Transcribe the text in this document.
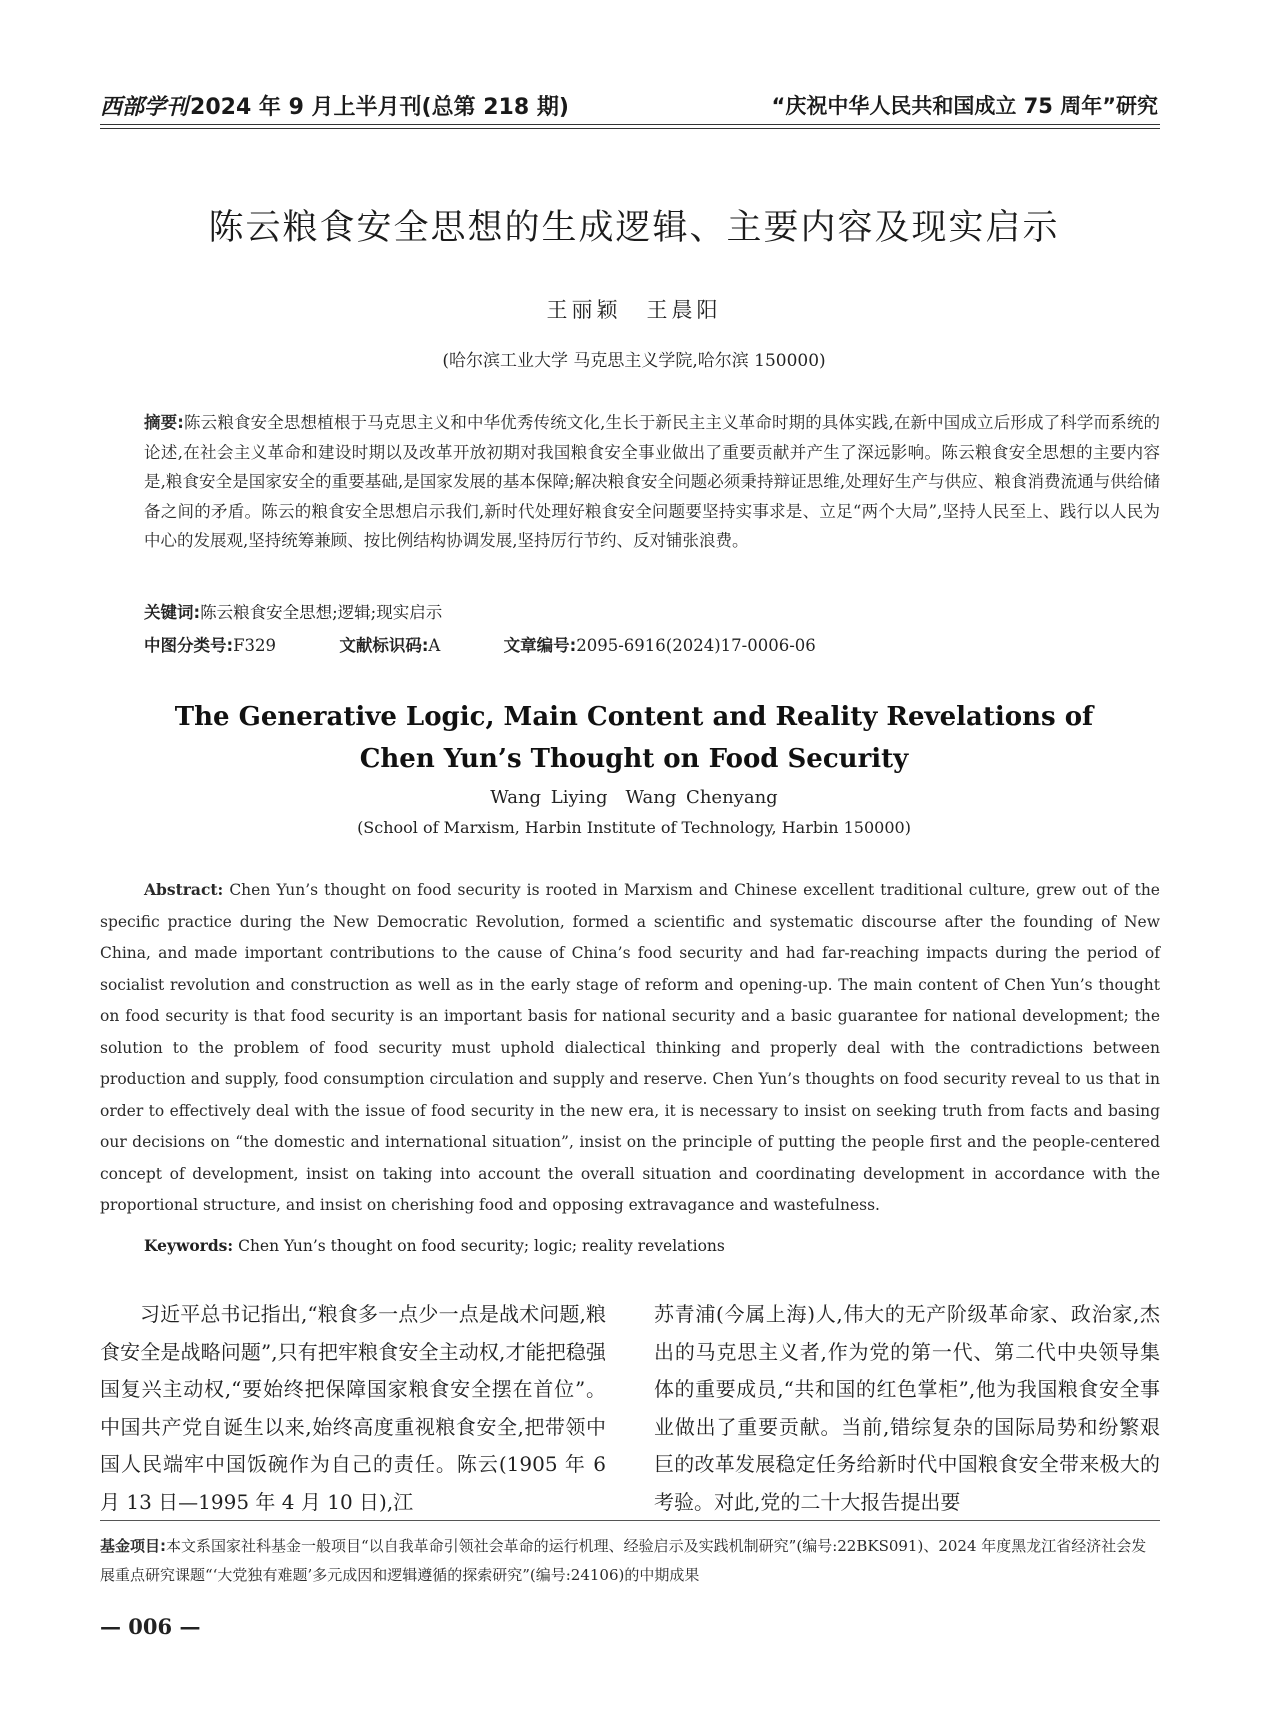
西部学刊2024 年 9 月上半月刊(总第 218 期)	“庆祝中华人民共和国成立 75 周年”研究
陈云粮食安全思想的生成逻辑、主要内容及现实启示
王丽颖　王晨阳
(哈尔滨工业大学 马克思主义学院,哈尔滨 150000)
摘要:陈云粮食安全思想植根于马克思主义和中华优秀传统文化,生长于新民主主义革命时期的具体实践,在新中国成立后形成了科学而系统的论述,在社会主义革命和建设时期以及改革开放初期对我国粮食安全事业做出了重要贡献并产生了深远影响。陈云粮食安全思想的主要内容是,粮食安全是国家安全的重要基础,是国家发展的基本保障;解决粮食安全问题必须秉持辩证思维,处理好生产与供应、粮食消费流通与供给储备之间的矛盾。陈云的粮食安全思想启示我们,新时代处理好粮食安全问题要坚持实事求是、立足“两个大局”,坚持人民至上、践行以人民为中心的发展观,坚持统筹兼顾、按比例结构协调发展,坚持厉行节约、反对铺张浪费。
关键词:陈云粮食安全思想;逻辑;现实启示
中图分类号:F329	文献标识码:A	文章编号:2095-6916(2024)17-0006-06
The Generative Logic, Main Content and Reality Revelations of
Chen Yun’s Thought on Food Security
Wang Liying　Wang Chenyang
(School of Marxism, Harbin Institute of Technology, Harbin 150000)
Abstract: Chen Yun’s thought on food security is rooted in Marxism and Chinese excellent traditional culture, grew out of the specific practice during the New Democratic Revolution, formed a scientific and systematic discourse after the founding of New China, and made important contributions to the cause of China’s food security and had far-reaching impacts during the period of socialist revolution and construction as well as in the early stage of reform and opening-up. The main content of Chen Yun’s thought on food security is that food security is an important basis for national security and a basic guarantee for national development; the solution to the problem of food security must uphold dialectical thinking and properly deal with the contradictions between production and supply, food consumption circulation and supply and reserve. Chen Yun’s thoughts on food security reveal to us that in order to effectively deal with the issue of food security in the new era, it is necessary to insist on seeking truth from facts and basing our decisions on “the domestic and international situation”, insist on the principle of putting the people first and the people-centered concept of development, insist on taking into account the overall situation and coordinating development in accordance with the proportional structure, and insist on cherishing food and opposing extravagance and wastefulness.
Keywords: Chen Yun’s thought on food security; logic; reality revelations
习近平总书记指出,“粮食多一点少一点是战术问题,粮食安全是战略问题”,只有把牢粮食安全主动权,才能把稳强国复兴主动权,“要始终把保障国家粮食安全摆在首位”。中国共产党自诞生以来,始终高度重视粮食安全,把带领中国人民端牢中国饭碗作为自己的责任。陈云(1905 年 6 月 13 日—1995 年 4 月 10 日),江
苏青浦(今属上海)人,伟大的无产阶级革命家、政治家,杰出的马克思主义者,作为党的第一代、第二代中央领导集体的重要成员,“共和国的红色掌柜”,他为我国粮食安全事业做出了重要贡献。当前,错综复杂的国际局势和纷繁艰巨的改革发展稳定任务给新时代中国粮食安全带来极大的考验。对此,党的二十大报告提出要
基金项目:本文系国家社科基金一般项目“以自我革命引领社会革命的运行机理、经验启示及实践机制研究”(编号:22BKS091)、2024 年度黑龙江省经济社会发展重点研究课题“‘大党独有难题’多元成因和逻辑遵循的探索研究”(编号:24106)的中期成果
— 006 —
